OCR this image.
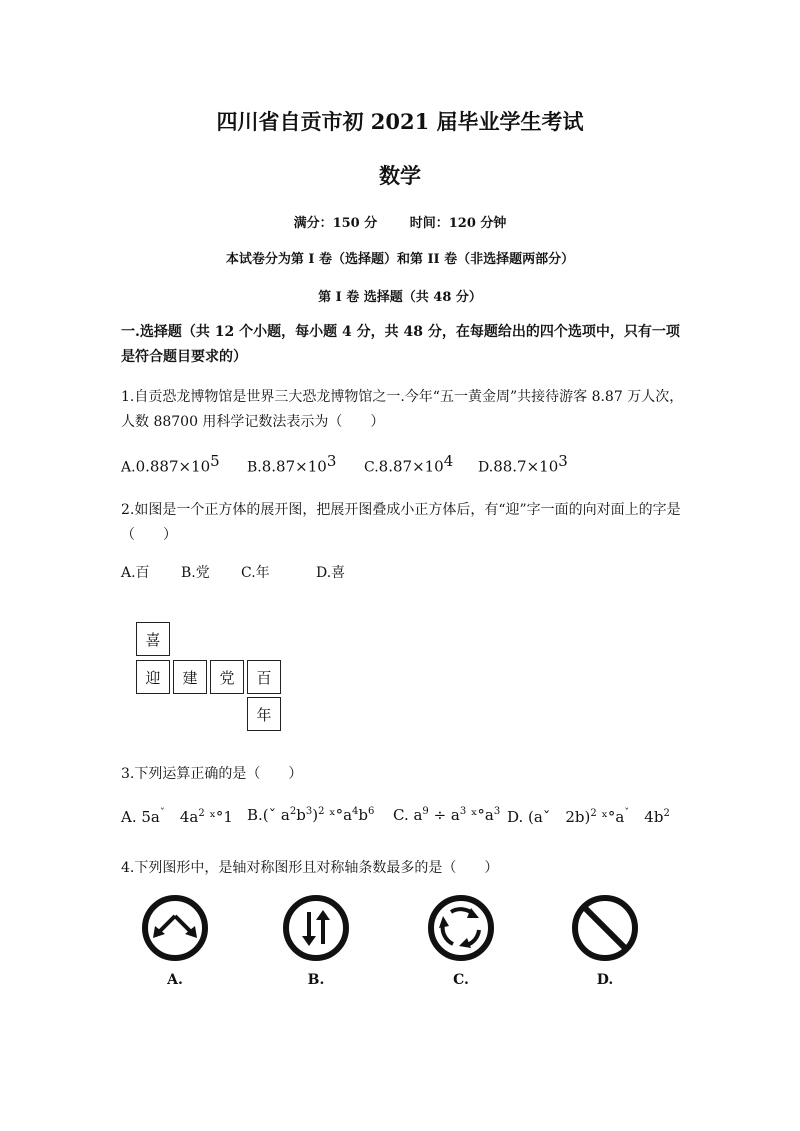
四川省自贡市初 2021 届毕业学生考试
数学
满分：150 分	时间：120 分钟
本试卷分为第 I 卷（选择题）和第 II 卷（非选择题两部分）
第 I 卷 选择题（共 48 分）
一.选择题（共 12 个小题，每小题 4 分，共 48 分，在每题给出的四个选项中，只有一项是符合题目要求的）
1.自贡恐龙博物馆是世界三大恐龙博物馆之一.今年“五一黄金周”共接待游客 8.87 万人次，人数 88700 用科学记数法表示为（　　）
$A.0.887\times 10^5$ $B.8.87\times 10^3$ $C.8.87\times 10^4$ $D.88.7\times 10^3$
2.如图是一个正方体的展开图，把展开图叠成小正方体后，有“迎”字一面的向对面上的字是（　　）
A.百 B.党 C.年	D.喜
喜
迎	建	党	百
年
3.下列运算正确的是（　　）
A. $5a^ˇ$　$4a^2$ ˣ°1 B.(ˇ $a^2b^3)^2$ $ˣ^\circ a^4b^6$ C. $a^9 \div a^3$ $ˣ^\circ a^3$ D. (aˇ　2b)$^2$ $ˣ^\circ a^ˇ$　$4b^2$
4.下列图形中，是轴对称图形且对称轴条数最多的是（　　）
A.	B.	C.	D.
